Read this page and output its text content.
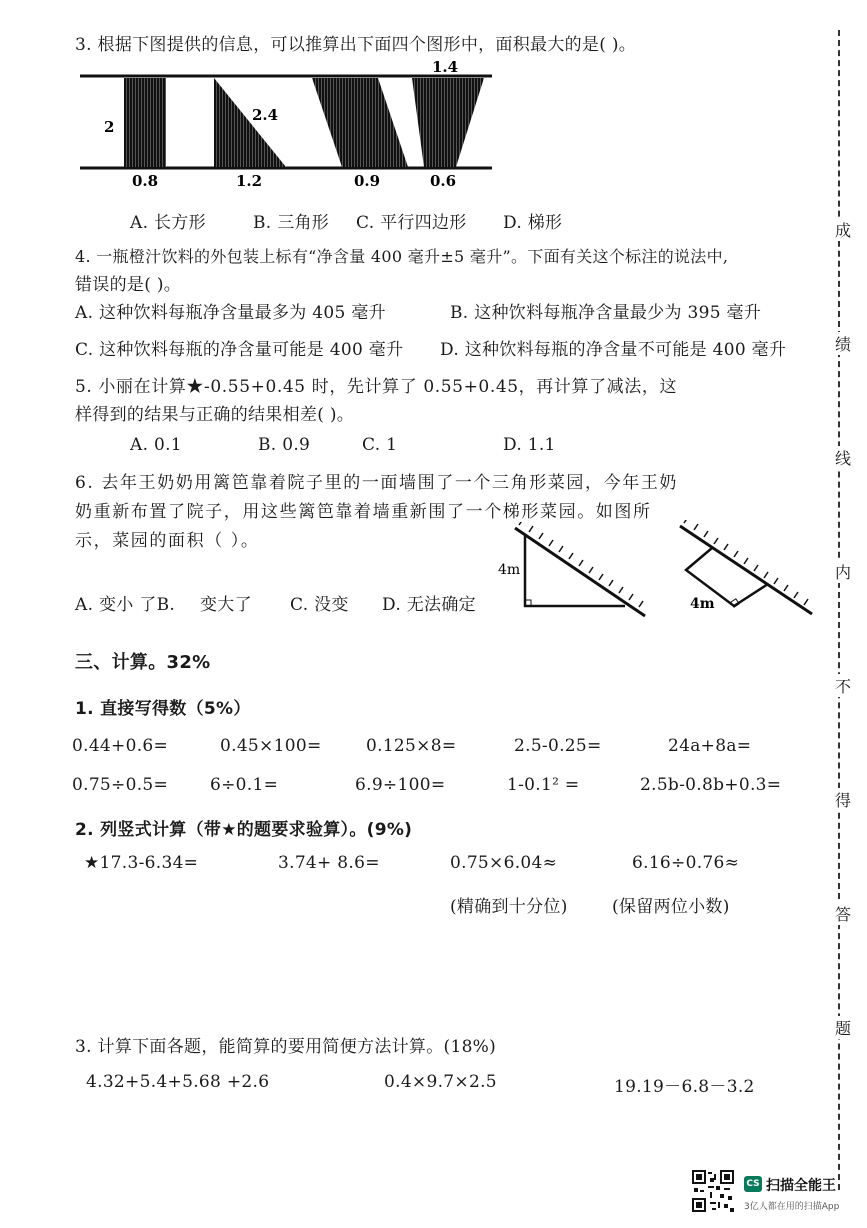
成
绩
线
内
不
得
答
题
3. 根据下图提供的信息，可以推算出下面四个图形中，面积最大的是( )。
2
0.8
2.4
1.2	0.9
1.4
0.6
A. 长方形	B. 三角形 C. 平行四边形 D. 梯形
4. 一瓶橙汁饮料的外包装上标有“净含量 400 毫升±5 毫升”。下面有关这个标注的说法中,
错误的是( )。
A. 这种饮料每瓶净含量最多为 405 毫升	B. 这种饮料每瓶净含量最少为 395 毫升
C. 这种饮料每瓶的净含量可能是 400 毫升 D. 这种饮料每瓶的净含量不可能是 400 毫升
5. 小丽在计算★-0.55+0.45 时，先计算了 0.55+0.45，再计算了减法，这
样得到的结果与正确的结果相差( )。
A. 0.1	B. 0.9	C. 1	D. 1.1
6. 去年王奶奶用篱笆靠着院子里的一面墙围了一个三角形菜园，今年王奶
奶重新布置了院子，用这些篱笆靠着墙重新围了一个梯形菜园。如图所
示，菜园的面积（ ）。
4m
4m
A. 变小 了B. 变大了 C. 没变 D. 无法确定
三、计算。32%
1. 直接写得数（5%）
0.44+0.6=	0.45×100=	0.125×8=	2.5-0.25=	24a+8a=
0.75÷0.5= 6÷0.1=	6.9÷100=	1-0.1² =	2.5b-0.8b+0.3=
2. 列竖式计算（带★的题要求验算）。(9%)
★17.3-6.34=	3.74+ 8.6=	0.75×6.04≈	6.16÷0.76≈
(精确到十分位)	(保留两位小数)
3. 计算下面各题，能简算的要用简便方法计算。(18%)
4.32+5.4+5.68 +2.6	0.4×9.7×2.5	19.19－6.8－3.2
CS 扫描全能王
3亿人都在用的扫描App
